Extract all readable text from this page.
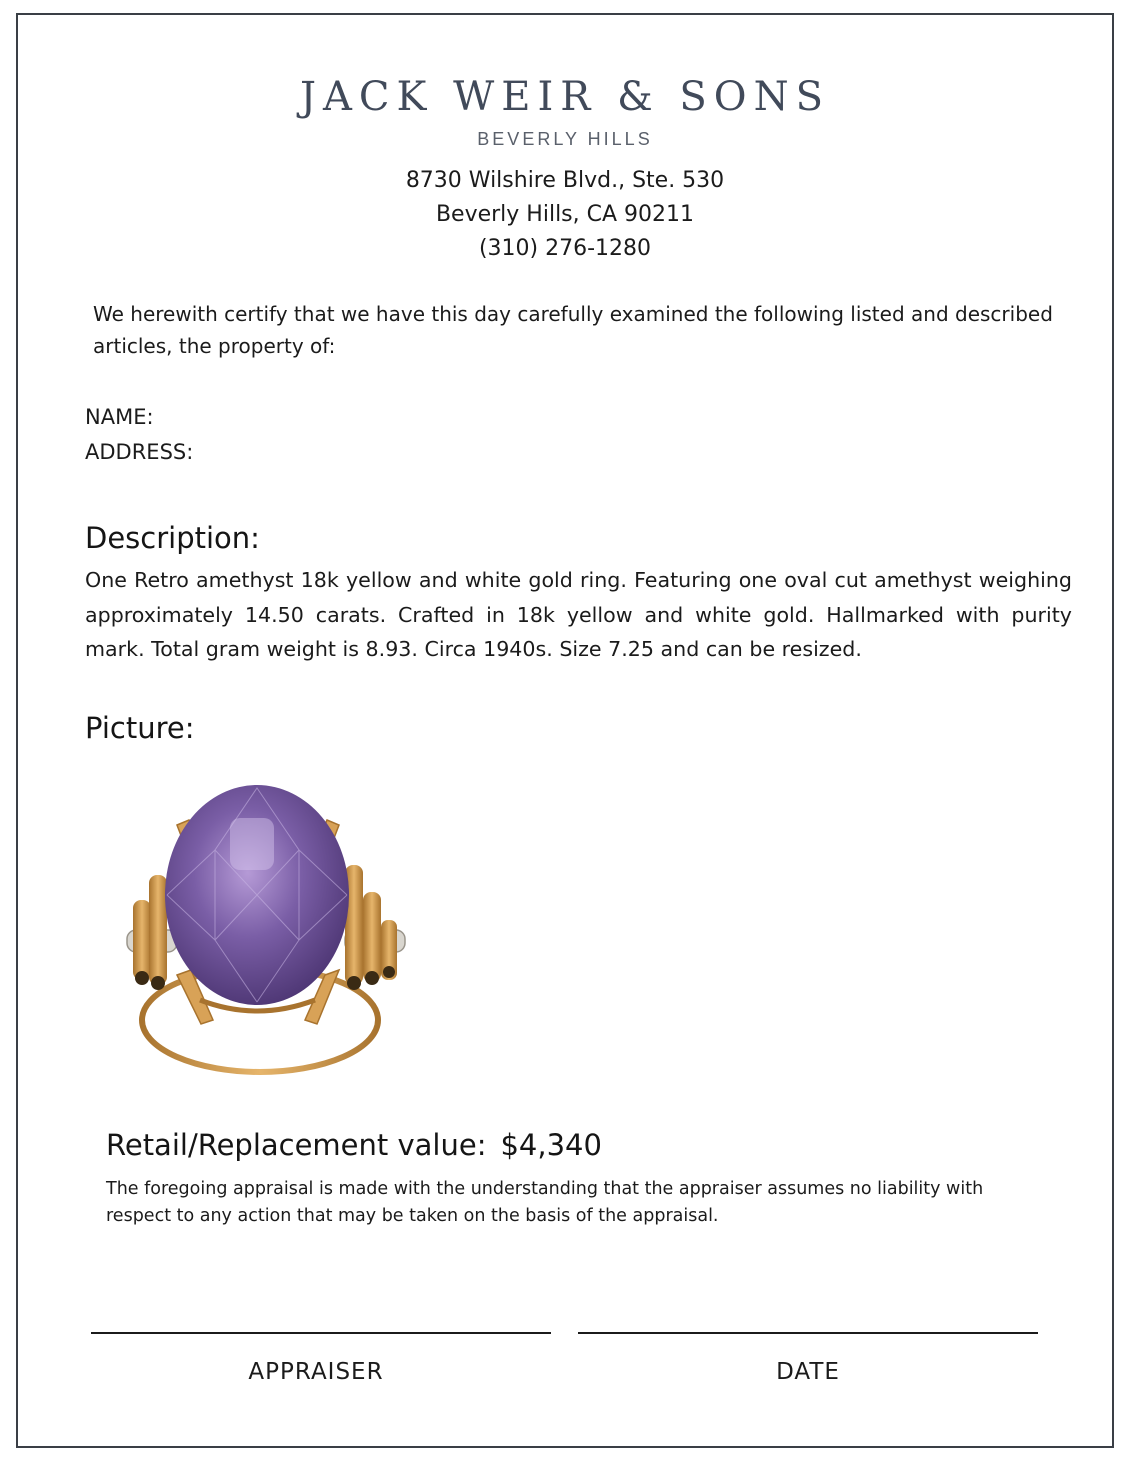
JACK WEIR & SONS
BEVERLY HILLS
8730 Wilshire Blvd., Ste. 530
Beverly Hills, CA 90211
(310) 276-1280
We herewith certify that we have this day carefully examined the following listed and described articles, the property of:
NAME:
ADDRESS:
Description:
One Retro amethyst 18k yellow and white gold ring. Featuring one oval cut amethyst weighing approximately 14.50 carats. Crafted in 18k yellow and white gold. Hallmarked with purity mark. Total gram weight is 8.93. Circa 1940s. Size 7.25 and can be resized.
Picture:
Retail/Replacement value: $4,340
The foregoing appraisal is made with the understanding that the appraiser assumes no liability with respect to any action that may be taken on the basis of the appraisal.
APPRAISER	DATE
